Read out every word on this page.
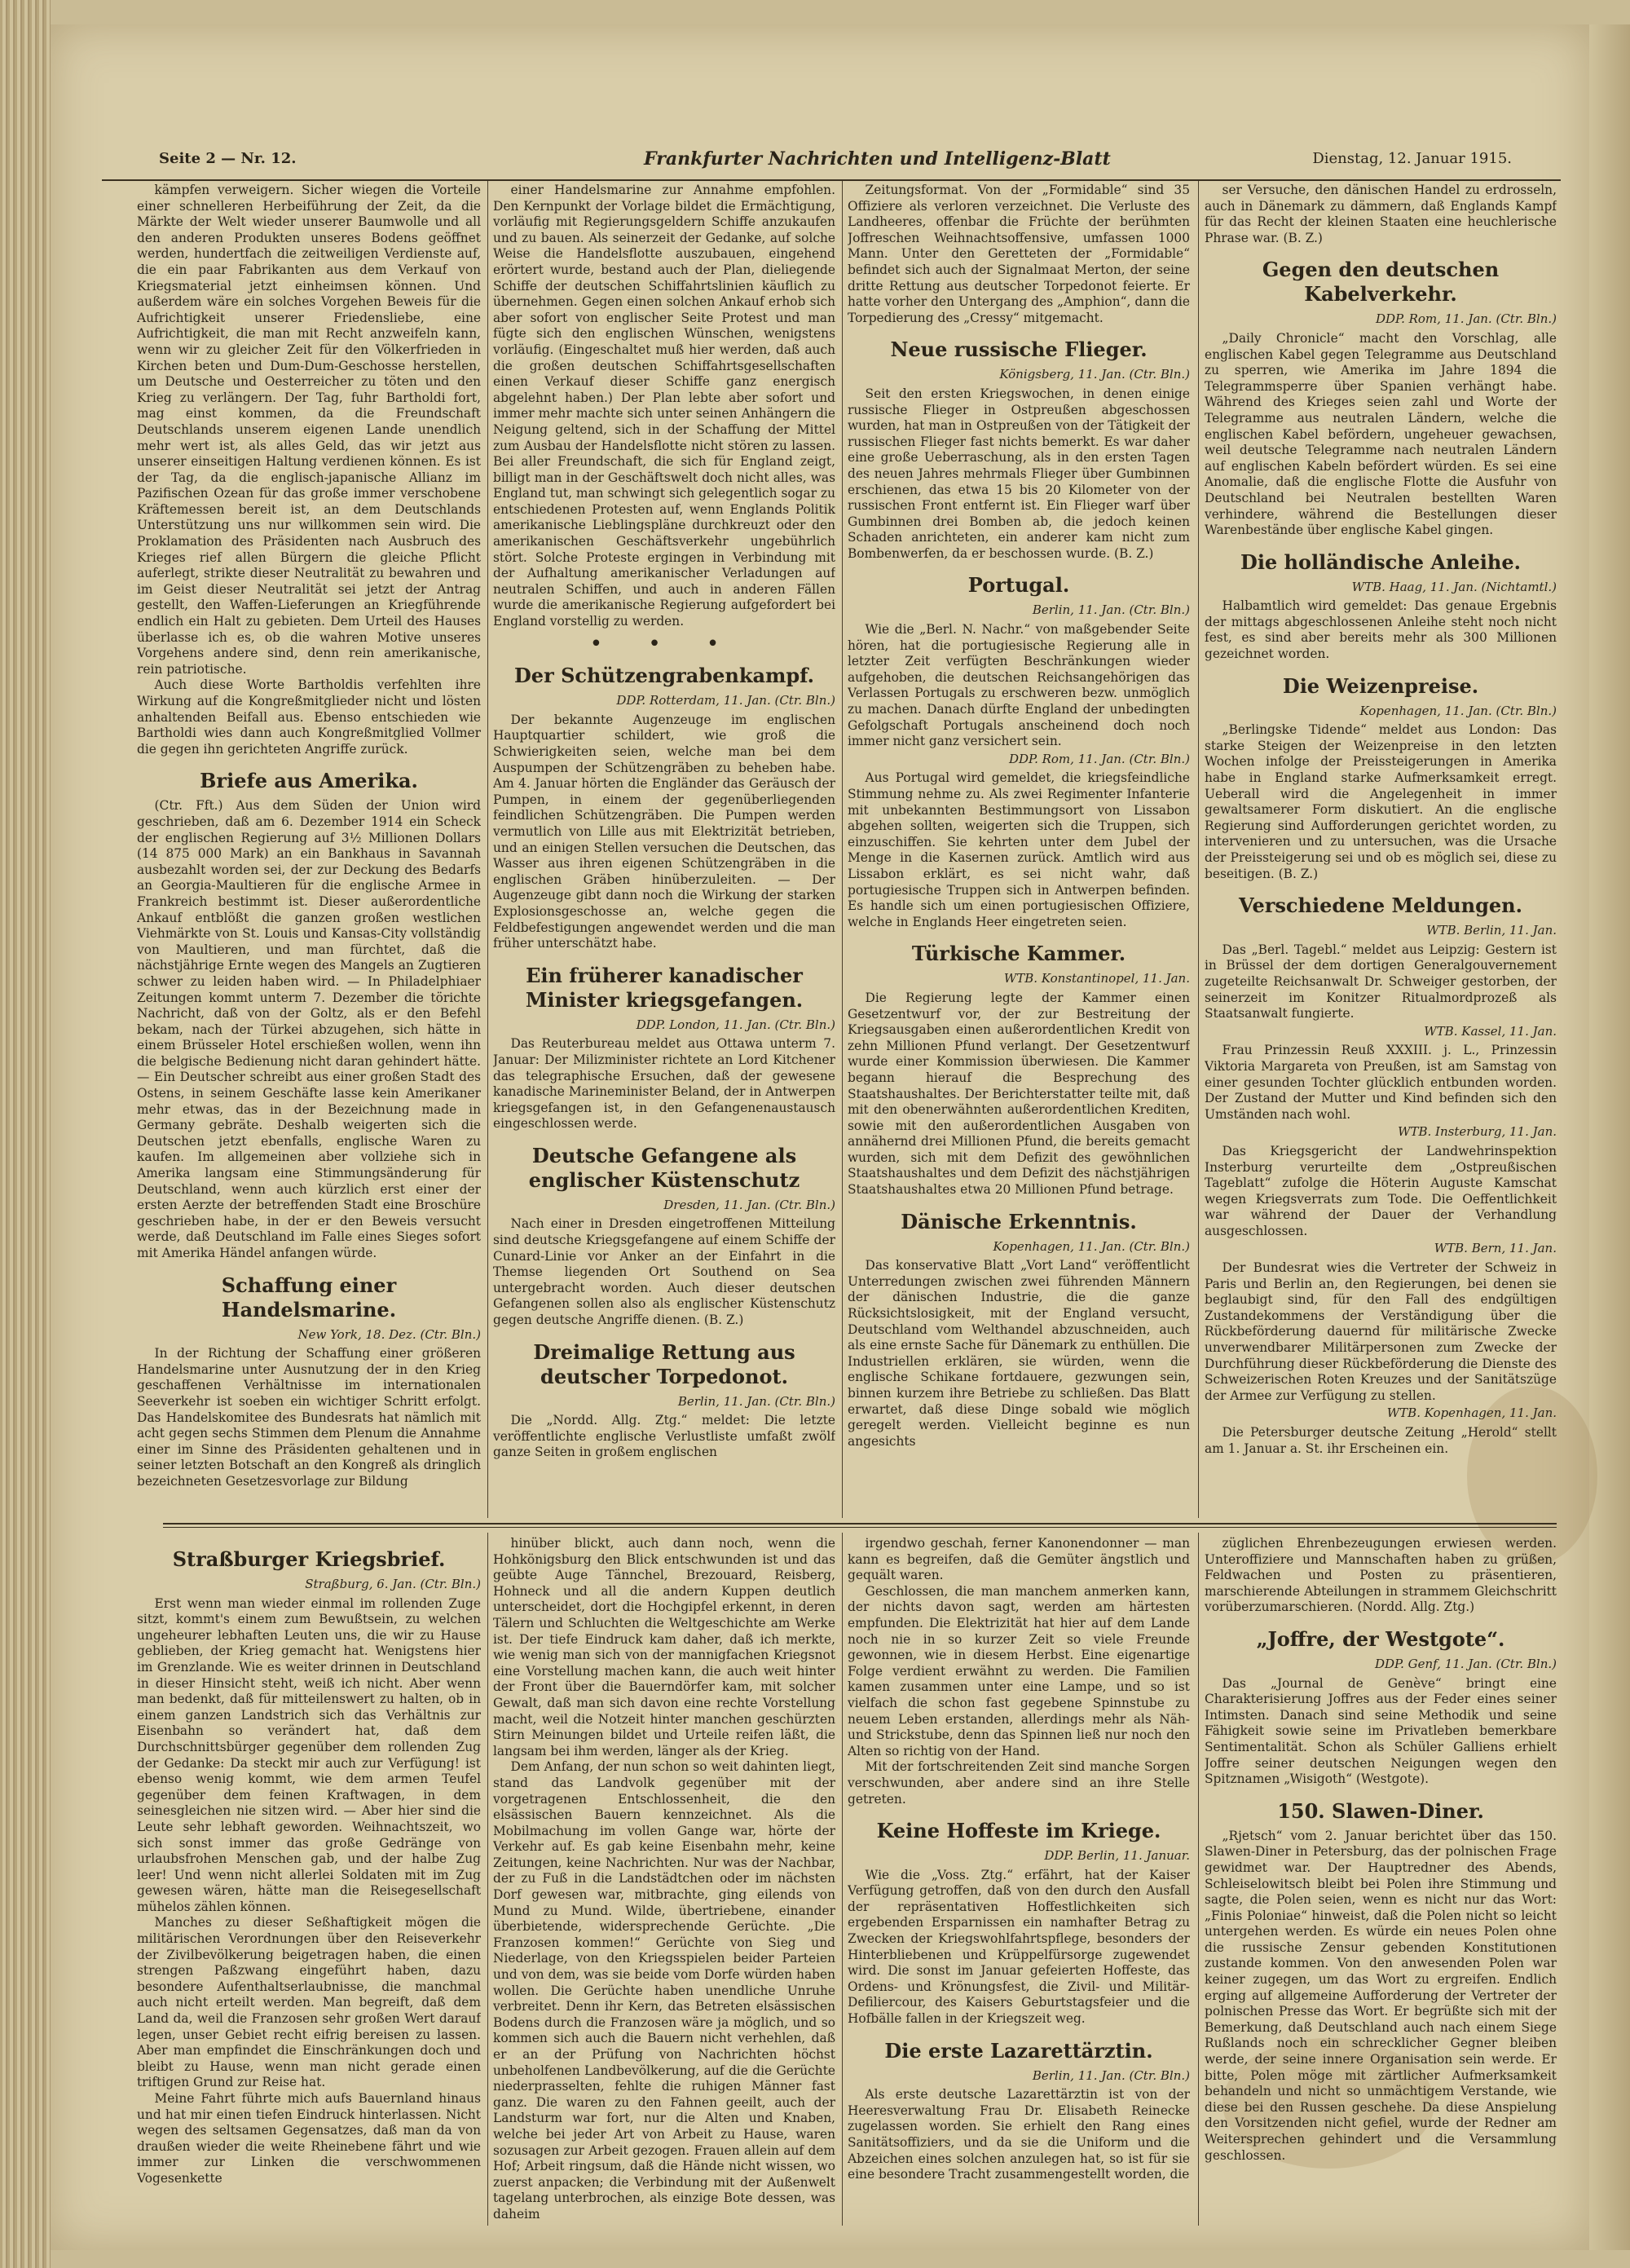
Seite 2 — Nr. 12.	Frankfurter Nachrichten und Intelligenz-Blatt	Dienstag, 12. Januar 1915.

kämpfen verweigern. Sicher wiegen die Vorteile einer schnelleren Herbeiführung der Zeit, da die Märkte der Welt wieder unserer Baumwolle und all den anderen Produkten unseres Bodens geöffnet werden, hundertfach die zeitweiligen Verdienste auf, die ein paar Fabrikanten aus dem Verkauf von Kriegsmaterial jetzt einheimsen können. Und außerdem wäre ein solches Vorgehen Beweis für die Aufrichtigkeit unserer Friedensliebe, eine Aufrichtigkeit, die man mit Recht anzweifeln kann, wenn wir zu gleicher Zeit für den Völkerfrieden in Kirchen beten und Dum-Dum-Geschosse herstellen, um Deutsche und Oesterreicher zu töten und den Krieg zu verlängern. Der Tag, fuhr Bartholdi fort, mag einst kommen, da die Freundschaft Deutschlands unserem eigenen Lande unendlich mehr wert ist, als alles Geld, das wir jetzt aus unserer einseitigen Haltung verdienen können. Es ist der Tag, da die englisch-japanische Allianz im Pazifischen Ozean für das große immer verschobene Kräftemessen bereit ist, an dem Deutschlands Unterstützung uns nur willkommen sein wird. Die Proklamation des Präsidenten nach Ausbruch des Krieges rief allen Bürgern die gleiche Pflicht auferlegt, strikte dieser Neutralität zu bewahren und im Geist dieser Neutralität sei jetzt der Antrag gestellt, den Waffen-Lieferungen an Kriegführende endlich ein Halt zu gebieten. Dem Urteil des Hauses überlasse ich es, ob die wahren Motive unseres Vorgehens andere sind, denn rein amerikanische, rein patriotische.

Auch diese Worte Bartholdis verfehlten ihre Wirkung auf die Kongreßmitglieder nicht und lösten anhaltenden Beifall aus. Ebenso entschieden wie Bartholdi wies dann auch Kongreßmitglied Vollmer die gegen ihn gerichteten Angriffe zurück.

Briefe aus Amerika.

(Ctr. Fft.) Aus dem Süden der Union wird geschrieben, daß am 6. Dezember 1914 ein Scheck der englischen Regierung auf 3½ Millionen Dollars (14 875 000 Mark) an ein Bankhaus in Savannah ausbezahlt worden sei, der zur Deckung des Bedarfs an Georgia-Maultieren für die englische Armee in Frankreich bestimmt ist. Dieser außerordentliche Ankauf entblößt die ganzen großen westlichen Viehmärkte von St. Louis und Kansas-City vollständig von Maultieren, und man fürchtet, daß die nächstjährige Ernte wegen des Mangels an Zugtieren schwer zu leiden haben wird. — In Philadelphiaer Zeitungen kommt unterm 7. Dezember die törichte Nachricht, daß von der Goltz, als er den Befehl bekam, nach der Türkei abzugehen, sich hätte in einem Brüsseler Hotel erschießen wollen, wenn ihn die belgische Bedienung nicht daran gehindert hätte. — Ein Deutscher schreibt aus einer großen Stadt des Ostens, in seinem Geschäfte lasse kein Amerikaner mehr etwas, das in der Bezeichnung made in Germany gebräte. Deshalb weigerten sich die Deutschen jetzt ebenfalls, englische Waren zu kaufen. Im allgemeinen aber vollziehe sich in Amerika langsam eine Stimmungsänderung für Deutschland, wenn auch kürzlich erst einer der ersten Aerzte der betreffenden Stadt eine Broschüre geschrieben habe, in der er den Beweis versucht werde, daß Deutschland im Falle eines Sieges sofort mit Amerika Händel anfangen würde.

Schaffung einer Handelsmarine.
New York, 18. Dez. (Ctr. Bln.)

In der Richtung der Schaffung einer größeren Handelsmarine unter Ausnutzung der in den Krieg geschaffenen Verhältnisse im internationalen Seeverkehr ist soeben ein wichtiger Schritt erfolgt. Das Handelskomitee des Bundesrats hat nämlich mit acht gegen sechs Stimmen dem Plenum die Annahme einer im Sinne des Präsidenten gehaltenen und in seiner letzten Botschaft an den Kongreß als dringlich bezeichneten Gesetzesvorlage zur Bildung

einer Handelsmarine zur Annahme empfohlen. Den Kernpunkt der Vorlage bildet die Ermächtigung, vorläufig mit Regierungsgeldern Schiffe anzukaufen und zu bauen. Als seinerzeit der Gedanke, auf solche Weise die Handelsflotte auszubauen, eingehend erörtert wurde, bestand auch der Plan, dieliegende Schiffe der deutschen Schiffahrtslinien käuflich zu übernehmen. Gegen einen solchen Ankauf erhob sich aber sofort von englischer Seite Protest und man fügte sich den englischen Wünschen, wenigstens vorläufig. (Eingeschaltet muß hier werden, daß auch die großen deutschen Schiffahrtsgesellschaften einen Verkauf dieser Schiffe ganz energisch abgelehnt haben.) Der Plan lebte aber sofort und immer mehr machte sich unter seinen Anhängern die Neigung geltend, sich in der Schaffung der Mittel zum Ausbau der Handelsflotte nicht stören zu lassen. Bei aller Freundschaft, die sich für England zeigt, billigt man in der Geschäftswelt doch nicht alles, was England tut, man schwingt sich gelegentlich sogar zu entschiedenen Protesten auf, wenn Englands Politik amerikanische Lieblingspläne durchkreuzt oder den amerikanischen Geschäftsverkehr ungebührlich stört. Solche Proteste ergingen in Verbindung mit der Aufhaltung amerikanischer Verladungen auf neutralen Schiffen, und auch in anderen Fällen wurde die amerikanische Regierung aufgefordert bei England vorstellig zu werden.

• • •
Der Schützengrabenkampf.
DDP. Rotterdam, 11. Jan. (Ctr. Bln.)

Der bekannte Augenzeuge im englischen Hauptquartier schildert, wie groß die Schwierigkeiten seien, welche man bei dem Auspumpen der Schützengräben zu beheben habe. Am 4. Januar hörten die Engländer das Geräusch der Pumpen, in einem der gegenüberliegenden feindlichen Schützengräben. Die Pumpen werden vermutlich von Lille aus mit Elektrizität betrieben, und an einigen Stellen versuchen die Deutschen, das Wasser aus ihren eigenen Schützengräben in die englischen Gräben hinüberzuleiten. — Der Augenzeuge gibt dann noch die Wirkung der starken Explosionsgeschosse an, welche gegen die Feldbefestigungen angewendet werden und die man früher unterschätzt habe.

Ein früherer kanadischer Minister kriegsgefangen.
DDP. London, 11. Jan. (Ctr. Bln.)

Das Reuterbureau meldet aus Ottawa unterm 7. Januar: Der Milizminister richtete an Lord Kitchener das telegraphische Ersuchen, daß der gewesene kanadische Marineminister Beland, der in Antwerpen kriegsgefangen ist, in den Gefangenenaustausch eingeschlossen werde.

Deutsche Gefangene als englischer Küstenschutz
Dresden, 11. Jan. (Ctr. Bln.)

Nach einer in Dresden eingetroffenen Mitteilung sind deutsche Kriegsgefangene auf einem Schiffe der Cunard-Linie vor Anker an der Einfahrt in die Themse liegenden Ort Southend on Sea untergebracht worden. Auch dieser deutschen Gefangenen sollen also als englischer Küstenschutz gegen deutsche Angriffe dienen. (B. Z.)

Dreimalige Rettung aus deutscher Torpedonot.
Berlin, 11. Jan. (Ctr. Bln.)

Die „Nordd. Allg. Ztg.“ meldet: Die letzte veröffentlichte englische Verlustliste umfaßt zwölf ganze Seiten in großem englischen

Zeitungsformat. Von der „Formidable“ sind 35 Offiziere als verloren verzeichnet. Die Verluste des Landheeres, offenbar die Früchte der berühmten Joffreschen Weihnachtsoffensive, umfassen 1000 Mann. Unter den Geretteten der „Formidable“ befindet sich auch der Signalmaat Merton, der seine dritte Rettung aus deutscher Torpedonot feierte. Er hatte vorher den Untergang des „Amphion“, dann die Torpedierung des „Cressy“ mitgemacht.

Neue russische Flieger.
Königsberg, 11. Jan. (Ctr. Bln.)

Seit den ersten Kriegswochen, in denen einige russische Flieger in Ostpreußen abgeschossen wurden, hat man in Ostpreußen von der Tätigkeit der russischen Flieger fast nichts bemerkt. Es war daher eine große Ueberraschung, als in den ersten Tagen des neuen Jahres mehrmals Flieger über Gumbinnen erschienen, das etwa 15 bis 20 Kilometer von der russischen Front entfernt ist. Ein Flieger warf über Gumbinnen drei Bomben ab, die jedoch keinen Schaden anrichteten, ein anderer kam nicht zum Bombenwerfen, da er beschossen wurde. (B. Z.)

Portugal.
Berlin, 11. Jan. (Ctr. Bln.)

Wie die „Berl. N. Nachr.“ von maßgebender Seite hören, hat die portugiesische Regierung alle in letzter Zeit verfügten Beschränkungen wieder aufgehoben, die deutschen Reichsangehörigen das Verlassen Portugals zu erschweren bezw. unmöglich zu machen. Danach dürfte England der unbedingten Gefolgschaft Portugals anscheinend doch noch immer nicht ganz versichert sein.

DDP. Rom, 11. Jan. (Ctr. Bln.)

Aus Portugal wird gemeldet, die kriegsfeindliche Stimmung nehme zu. Als zwei Regimenter Infanterie mit unbekannten Bestimmungsort von Lissabon abgehen sollten, weigerten sich die Truppen, sich einzuschiffen. Sie kehrten unter dem Jubel der Menge in die Kasernen zurück. Amtlich wird aus Lissabon erklärt, es sei nicht wahr, daß portugiesische Truppen sich in Antwerpen befinden. Es handle sich um einen portugiesischen Offiziere, welche in Englands Heer eingetreten seien.

Türkische Kammer.
WTB. Konstantinopel, 11. Jan.

Die Regierung legte der Kammer einen Gesetzentwurf vor, der zur Bestreitung der Kriegsausgaben einen außerordentlichen Kredit von zehn Millionen Pfund verlangt. Der Gesetzentwurf wurde einer Kommission überwiesen. Die Kammer begann hierauf die Besprechung des Staatshaushaltes. Der Berichterstatter teilte mit, daß mit den obenerwähnten außerordentlichen Krediten, sowie mit den außerordentlichen Ausgaben von annähernd drei Millionen Pfund, die bereits gemacht wurden, sich mit dem Defizit des gewöhnlichen Staatshaushaltes und dem Defizit des nächstjährigen Staatshaushaltes etwa 20 Millionen Pfund betrage.

Dänische Erkenntnis.
Kopenhagen, 11. Jan. (Ctr. Bln.)

Das konservative Blatt „Vort Land“ veröffentlicht Unterredungen zwischen zwei führenden Männern der dänischen Industrie, die die ganze Rücksichtslosigkeit, mit der England versucht, Deutschland vom Welthandel abzuschneiden, auch als eine ernste Sache für Dänemark zu enthüllen. Die Industriellen erklären, sie würden, wenn die englische Schikane fortdauere, gezwungen sein, binnen kurzem ihre Betriebe zu schließen. Das Blatt erwartet, daß diese Dinge sobald wie möglich geregelt werden. Vielleicht beginne es nun angesichts

ser Versuche, den dänischen Handel zu erdrosseln, auch in Dänemark zu dämmern, daß Englands Kampf für das Recht der kleinen Staaten eine heuchlerische Phrase war. (B. Z.)

Gegen den deutschen Kabelverkehr.
DDP. Rom, 11. Jan. (Ctr. Bln.)

„Daily Chronicle“ macht den Vorschlag, alle englischen Kabel gegen Telegramme aus Deutschland zu sperren, wie Amerika im Jahre 1894 die Telegrammsperre über Spanien verhängt habe. Während des Krieges seien zahl und Worte der Telegramme aus neutralen Ländern, welche die englischen Kabel befördern, ungeheuer gewachsen, weil deutsche Telegramme nach neutralen Ländern auf englischen Kabeln befördert würden. Es sei eine Anomalie, daß die englische Flotte die Ausfuhr von Deutschland bei Neutralen bestellten Waren verhindere, während die Bestellungen dieser Warenbestände über englische Kabel gingen.

Die holländische Anleihe.
WTB. Haag, 11. Jan. (Nichtamtl.)

Halbamtlich wird gemeldet: Das genaue Ergebnis der mittags abgeschlossenen Anleihe steht noch nicht fest, es sind aber bereits mehr als 300 Millionen gezeichnet worden.

Die Weizenpreise.
Kopenhagen, 11. Jan. (Ctr. Bln.)

„Berlingske Tidende“ meldet aus London: Das starke Steigen der Weizenpreise in den letzten Wochen infolge der Preissteigerungen in Amerika habe in England starke Aufmerksamkeit erregt. Ueberall wird die Angelegenheit in immer gewaltsamerer Form diskutiert. An die englische Regierung sind Aufforderungen gerichtet worden, zu intervenieren und zu untersuchen, was die Ursache der Preissteigerung sei und ob es möglich sei, diese zu beseitigen. (B. Z.)

Verschiedene Meldungen.
WTB. Berlin, 11. Jan.

Das „Berl. Tagebl.“ meldet aus Leipzig: Gestern ist in Brüssel der dem dortigen Generalgouvernement zugeteilte Reichsanwalt Dr. Schweiger gestorben, der seinerzeit im Konitzer Ritualmordprozeß als Staatsanwalt fungierte.

WTB. Kassel, 11. Jan.

Frau Prinzessin Reuß XXXIII. j. L., Prinzessin Viktoria Margareta von Preußen, ist am Samstag von einer gesunden Tochter glücklich entbunden worden. Der Zustand der Mutter und Kind befinden sich den Umständen nach wohl.

WTB. Insterburg, 11. Jan.

Das Kriegsgericht der Landwehrinspektion Insterburg verurteilte dem „Ostpreußischen Tageblatt“ zufolge die Höterin Auguste Kamschat wegen Kriegsverrats zum Tode. Die Oeffentlichkeit war während der Dauer der Verhandlung ausgeschlossen.

WTB. Bern, 11. Jan.

Der Bundesrat wies die Vertreter der Schweiz in Paris und Berlin an, den Regierungen, bei denen sie beglaubigt sind, für den Fall des endgültigen Zustandekommens der Verständigung über die Rückbeförderung dauernd für militärische Zwecke unverwendbarer Militärpersonen zum Zwecke der Durchführung dieser Rückbeförderung die Dienste des Schweizerischen Roten Kreuzes und der Sanitätszüge der Armee zur Verfügung zu stellen.

WTB. Kopenhagen, 11. Jan.

Die Petersburger deutsche Zeitung „Herold“ stellt am 1. Januar a. St. ihr Erscheinen ein.

Straßburger Kriegsbrief.
Straßburg, 6. Jan. (Ctr. Bln.)

Erst wenn man wieder einmal im rollenden Zuge sitzt, kommt's einem zum Bewußtsein, zu welchen ungeheurer lebhaften Leuten uns, die wir zu Hause geblieben, der Krieg gemacht hat. Wenigstens hier im Grenzlande. Wie es weiter drinnen in Deutschland in dieser Hinsicht steht, weiß ich nicht. Aber wenn man bedenkt, daß für mitteilenswert zu halten, ob in einem ganzen Landstrich sich das Verhältnis zur Eisenbahn so verändert hat, daß dem Durchschnittsbürger gegenüber dem rollenden Zug der Gedanke: Da steckt mir auch zur Verfügung! ist ebenso wenig kommt, wie dem armen Teufel gegenüber dem feinen Kraftwagen, in dem seinesgleichen nie sitzen wird. — Aber hier sind die Leute sehr lebhaft geworden. Weihnachtszeit, wo sich sonst immer das große Gedränge von urlaubsfrohen Menschen gab, und der halbe Zug leer! Und wenn nicht allerlei Soldaten mit im Zug gewesen wären, hätte man die Reisegesellschaft mühelos zählen können.

Manches zu dieser Seßhaftigkeit mögen die militärischen Verordnungen über den Reiseverkehr der Zivilbevölkerung beigetragen haben, die einen strengen Paßzwang eingeführt haben, dazu besondere Aufenthaltserlaubnisse, die manchmal auch nicht erteilt werden. Man begreift, daß dem Land da, weil die Franzosen sehr großen Wert darauf legen, unser Gebiet recht eifrig bereisen zu lassen. Aber man empfindet die Einschränkungen doch und bleibt zu Hause, wenn man nicht gerade einen triftigen Grund zur Reise hat.

Meine Fahrt führte mich aufs Bauernland hinaus und hat mir einen tiefen Eindruck hinterlassen. Nicht wegen des seltsamen Gegensatzes, daß man da von draußen wieder die weite Rheinebene fährt und wie immer zur Linken die verschwommenen Vogesenkette

hinüber blickt, auch dann noch, wenn die Hohkönigsburg den Blick entschwunden ist und das geübte Auge Tännchel, Brezouard, Reisberg, Hohneck und all die andern Kuppen deutlich unterscheidet, dort die Hochgipfel erkennt, in deren Tälern und Schluchten die Weltgeschichte am Werke ist. Der tiefe Eindruck kam daher, daß ich merkte, wie wenig man sich von der mannigfachen Kriegsnot eine Vorstellung machen kann, die auch weit hinter der Front über die Bauerndörfer kam, mit solcher Gewalt, daß man sich davon eine rechte Vorstellung macht, weil die Notzeit hinter manchen geschürzten Stirn Meinungen bildet und Urteile reifen läßt, die langsam bei ihm werden, länger als der Krieg.

Dem Anfang, der nun schon so weit dahinten liegt, stand das Landvolk gegenüber mit der vorgetragenen Entschlossenheit, die den elsässischen Bauern kennzeichnet. Als die Mobilmachung im vollen Gange war, hörte der Verkehr auf. Es gab keine Eisenbahn mehr, keine Zeitungen, keine Nachrichten. Nur was der Nachbar, der zu Fuß in die Landstädtchen oder im nächsten Dorf gewesen war, mitbrachte, ging eilends von Mund zu Mund. Wilde, übertriebene, einander überbietende, widersprechende Gerüchte. „Die Franzosen kommen!“ Gerüchte von Sieg und Niederlage, von den Kriegsspielen beider Parteien und von dem, was sie beide vom Dorfe würden haben wollen. Die Gerüchte haben unendliche Unruhe verbreitet. Denn ihr Kern, das Betreten elsässischen Bodens durch die Franzosen wäre ja möglich, und so kommen sich auch die Bauern nicht verhehlen, daß er an der Prüfung von Nachrichten höchst unbeholfenen Landbevölkerung, auf die die Gerüchte niederprasselten, fehlte die ruhigen Männer fast ganz. Die waren zu den Fahnen geeilt, auch der Landsturm war fort, nur die Alten und Knaben, welche bei jeder Art von Arbeit zu Hause, waren sozusagen zur Arbeit gezogen. Frauen allein auf dem Hof; Arbeit ringsum, daß die Hände nicht wissen, wo zuerst anpacken; die Verbindung mit der Außenwelt tagelang unterbrochen, als einzige Bote dessen, was daheim

irgendwo geschah, ferner Kanonendonner — man kann es begreifen, daß die Gemüter ängstlich und gequält waren.

Geschlossen, die man manchem anmerken kann, der nichts davon sagt, werden am härtesten empfunden. Die Elektrizität hat hier auf dem Lande noch nie in so kurzer Zeit so viele Freunde gewonnen, wie in diesem Herbst. Eine eigenartige Folge verdient erwähnt zu werden. Die Familien kamen zusammen unter eine Lampe, und so ist vielfach die schon fast gegebene Spinnstube zu neuem Leben erstanden, allerdings mehr als Näh- und Strickstube, denn das Spinnen ließ nur noch den Alten so richtig von der Hand.

Mit der fortschreitenden Zeit sind manche Sorgen verschwunden, aber andere sind an ihre Stelle getreten.

Keine Hoffeste im Kriege.
DDP. Berlin, 11. Januar.

Wie die „Voss. Ztg.“ erfährt, hat der Kaiser Verfügung getroffen, daß von den durch den Ausfall der repräsentativen Hoffestlichkeiten sich ergebenden Ersparnissen ein namhafter Betrag zu Zwecken der Kriegswohlfahrtspflege, besonders der Hinterbliebenen und Krüppelfürsorge zugewendet wird. Die sonst im Januar gefeierten Hoffeste, das Ordens- und Krönungsfest, die Zivil- und Militär-Defiliercour, des Kaisers Geburtstagsfeier und die Hofbälle fallen in der Kriegszeit weg.

Die erste Lazarettärztin.
Berlin, 11. Jan. (Ctr. Bln.)

Als erste deutsche Lazarettärztin ist von der Heeresverwaltung Frau Dr. Elisabeth Reinecke zugelassen worden. Sie erhielt den Rang eines Sanitätsoffiziers, und da sie die Uniform und die Abzeichen eines solchen anzulegen hat, so ist für sie eine besondere Tracht zusammengestellt worden, die

züglichen Ehrenbezeugungen erwiesen werden. Unteroffiziere und Mannschaften haben zu grüßen, Feldwachen und Posten zu präsentieren, marschierende Abteilungen in strammem Gleichschritt vorüberzumarschieren. (Nordd. Allg. Ztg.)

„Joffre, der Westgote“.
DDP. Genf, 11. Jan. (Ctr. Bln.)

Das „Journal de Genève“ bringt eine Charakterisierung Joffres aus der Feder eines seiner Intimsten. Danach sind seine Methodik und seine Fähigkeit sowie seine im Privatleben bemerkbare Sentimentalität. Schon als Schüler Galliens erhielt Joffre seiner deutschen Neigungen wegen den Spitznamen „Wisigoth“ (Westgote).

150. Slawen-Diner.

„Rjetsch“ vom 2. Januar berichtet über das 150. Slawen-Diner in Petersburg, das der polnischen Frage gewidmet war. Der Hauptredner des Abends, Schleiselowitsch bleibt bei Polen ihre Stimmung und sagte, die Polen seien, wenn es nicht nur das Wort: „Finis Poloniae“ hinweist, daß die Polen nicht so leicht untergehen werden. Es würde ein neues Polen ohne die russische Zensur gebenden Konstitutionen zustande kommen. Von den anwesenden Polen war keiner zugegen, um das Wort zu ergreifen. Endlich erging auf allgemeine Aufforderung der Vertreter der polnischen Presse das Wort. Er begrüßte sich mit der Bemerkung, daß Deutschland auch nach einem Siege Rußlands noch ein schrecklicher Gegner bleiben werde, der seine innere Organisation sein werde. Er bitte, Polen möge mit zärtlicher Aufmerksamkeit behandeln und nicht so unmächtigem Verstande, wie diese bei den Russen geschehe. Da diese Anspielung den Vorsitzenden nicht gefiel, wurde der Redner am Weitersprechen gehindert und die Versammlung geschlossen.
